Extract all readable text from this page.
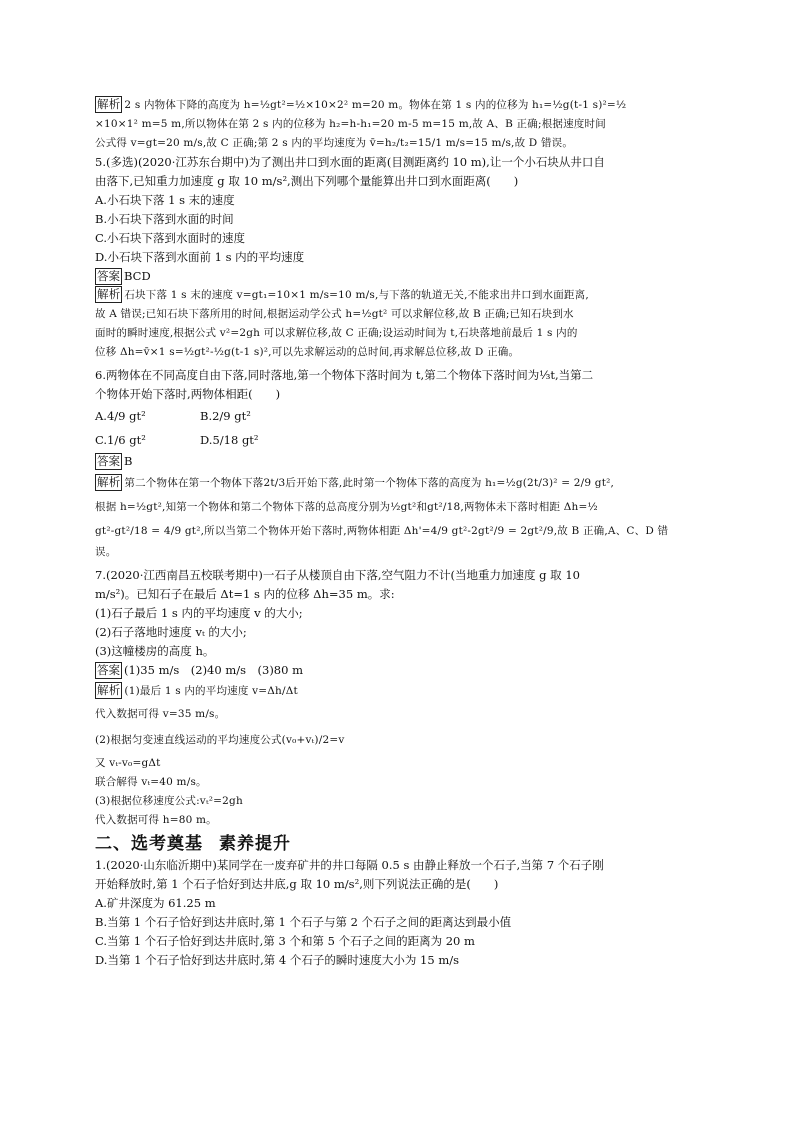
解析 2 s 内物体下降的高度为 h=½gt²=½×10×2² m=20 m。物体在第 1 s 内的位移为 h₁=½g(t-1 s)²=½
×10×1² m=5 m,所以物体在第 2 s 内的位移为 h₂=h-h₁=20 m-5 m=15 m,故 A、B 正确;根据速度时间
公式得 v=gt=20 m/s,故 C 正确;第 2 s 内的平均速度为 v̄=h₂/t₂=15/1 m/s=15 m/s,故 D 错误。
5.(多选)(2020·江苏东台期中)为了测出井口到水面的距离(目测距离约 10 m),让一个小石块从井口自
由落下,已知重力加速度 g 取 10 m/s²,测出下列哪个量能算出井口到水面距离(　　)
A.小石块下落 1 s 末的速度
B.小石块下落到水面的时间
C.小石块下落到水面时的速度
D.小石块下落到水面前 1 s 内的平均速度
答案 BCD
解析 石块下落 1 s 末的速度 v=gt₁=10×1 m/s=10 m/s,与下落的轨道无关,不能求出井口到水面距离,
故 A 错误;已知石块下落所用的时间,根据运动学公式 h=½gt² 可以求解位移,故 B 正确;已知石块到水
面时的瞬时速度,根据公式 v²=2gh 可以求解位移,故 C 正确;设运动时间为 t,石块落地前最后 1 s 内的
位移 Δh=v̄×1 s=½gt²-½g(t-1 s)²,可以先求解运动的总时间,再求解总位移,故 D 正确。
6.两物体在不同高度自由下落,同时落地,第一个物体下落时间为 t,第二个物体下落时间为⅓t,当第二
个物体开始下落时,两物体相距(　　)
A.4/9 gt²	B.2/9 gt²
C.1/6 gt²	D.5/18 gt²
答案 B
解析 第二个物体在第一个物体下落2t/3后开始下落,此时第一个物体下落的高度为 h₁=½g(2t/3)² = 2/9 gt²,
根据 h=½gt²,知第一个物体和第二个物体下落的总高度分别为½gt²和gt²/18,两物体未下落时相距 Δh=½
gt²-gt²/18 = 4/9 gt²,所以当第二个物体开始下落时,两物体相距 Δh'=4/9 gt²-2gt²/9 = 2gt²/9,故 B 正确,A、C、D 错
误。
7.(2020·江西南昌五校联考期中)一石子从楼顶自由下落,空气阻力不计(当地重力加速度 g 取 10
m/s²)。已知石子在最后 Δt=1 s 内的位移 Δh=35 m。求:
(1)石子最后 1 s 内的平均速度 v 的大小;
(2)石子落地时速度 vₜ 的大小;
(3)这幢楼房的高度 h。
答案 (1)35 m/s　(2)40 m/s　(3)80 m
解析 (1)最后 1 s 内的平均速度 v=Δh/Δt
代入数据可得 v=35 m/s。
(2)根据匀变速直线运动的平均速度公式(v₀+vₜ)/2=v
又 vₜ-v₀=gΔt
联合解得 vₜ=40 m/s。
(3)根据位移速度公式:vₜ²=2gh
代入数据可得 h=80 m。
二、选考奠基 素养提升
1.(2020·山东临沂期中)某同学在一废弃矿井的井口每隔 0.5 s 由静止释放一个石子,当第 7 个石子刚
开始释放时,第 1 个石子恰好到达井底,g 取 10 m/s²,则下列说法正确的是(　　)
A.矿井深度为 61.25 m
B.当第 1 个石子恰好到达井底时,第 1 个石子与第 2 个石子之间的距离达到最小值
C.当第 1 个石子恰好到达井底时,第 3 个和第 5 个石子之间的距离为 20 m
D.当第 1 个石子恰好到达井底时,第 4 个石子的瞬时速度大小为 15 m/s
